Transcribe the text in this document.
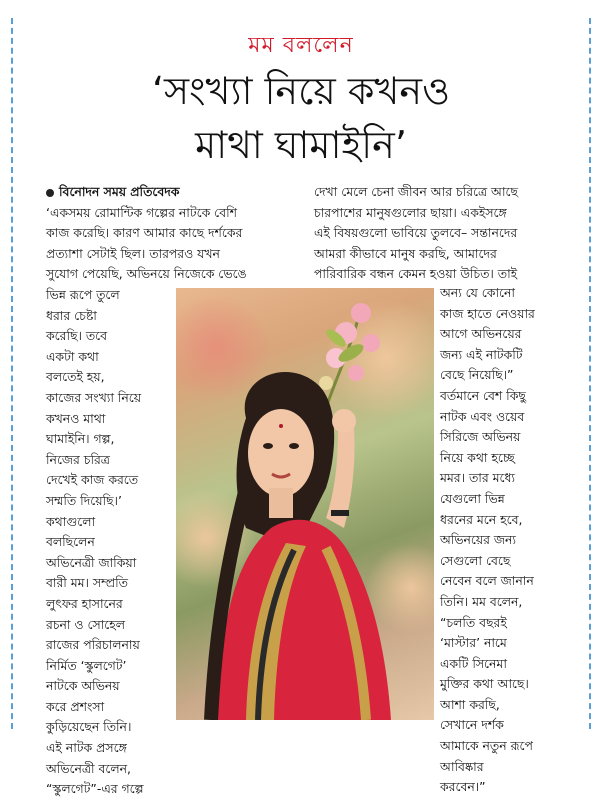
মম বললেন
‘সংখ্যা নিয়ে কখনও
মাথা ঘামাইনি’

বিনোদন সময় প্রতিবেদক

‘একসময় রোমান্টিক গল্পের নাটকে বেশি
কাজ করেছি। কারণ আমার কাছে দর্শকের
প্রত্যাশা সেটাই ছিল। তারপরও যখন
সুযোগ পেয়েছি, অভিনয়ে নিজেকে ভেঙে

ভিন্ন রূপে তুলে
ধরার চেষ্টা
করেছি। তবে
একটা কথা
বলতেই হয়,
কাজের সংখ্যা নিয়ে
কখনও মাথা
ঘামাইনি। গল্প,
নিজের চরিত্র
দেখেই কাজ করতে
সম্মতি দিয়েছি।’
কথাগুলো
বলছিলেন
অভিনেত্রী জাকিয়া
বারী মম। সম্প্রতি
লুৎফর হাসানের
রচনা ও সোহেল
রাজের পরিচালনায়
নির্মিত ‘স্কুলগেট’
নাটকে অভিনয়
করে প্রশংসা
কুড়িয়েছেন তিনি।
এই নাটক প্রসঙ্গে
অভিনেত্রী বলেন,
“স্কুলগেট”-এর গল্পে

দেখা মেলে চেনা জীবন আর চরিত্রে আছে
চারপাশের মানুষগুলোর ছায়া। একইসঙ্গে
এই বিষয়গুলো ভাবিয়ে তুলবে– সন্তানদের
আমরা কীভাবে মানুষ করছি, আমাদের
পারিবারিক বন্ধন কেমন হওয়া উচিত। তাই

অন্য যে কোনো
কাজ হাতে নেওয়ার
আগে অভিনয়ের
জন্য এই নাটকটি
বেছে নিয়েছি।”
বর্তমানে বেশ কিছু
নাটক এবং ওয়েব
সিরিজে অভিনয়
নিয়ে কথা হচ্ছে
মমর। তার মধ্যে
যেগুলো ভিন্ন
ধরনের মনে হবে,
অভিনয়ের জন্য
সেগুলো বেছে
নেবেন বলে জানান
তিনি। মম বলেন,
“চলতি বছরই
‘মাস্টার’ নামে
একটি সিনেমা
মুক্তির কথা আছে।
আশা করছি,
সেখানে দর্শক
আমাকে নতুন রূপে
আবিষ্কার
করবেন।”
